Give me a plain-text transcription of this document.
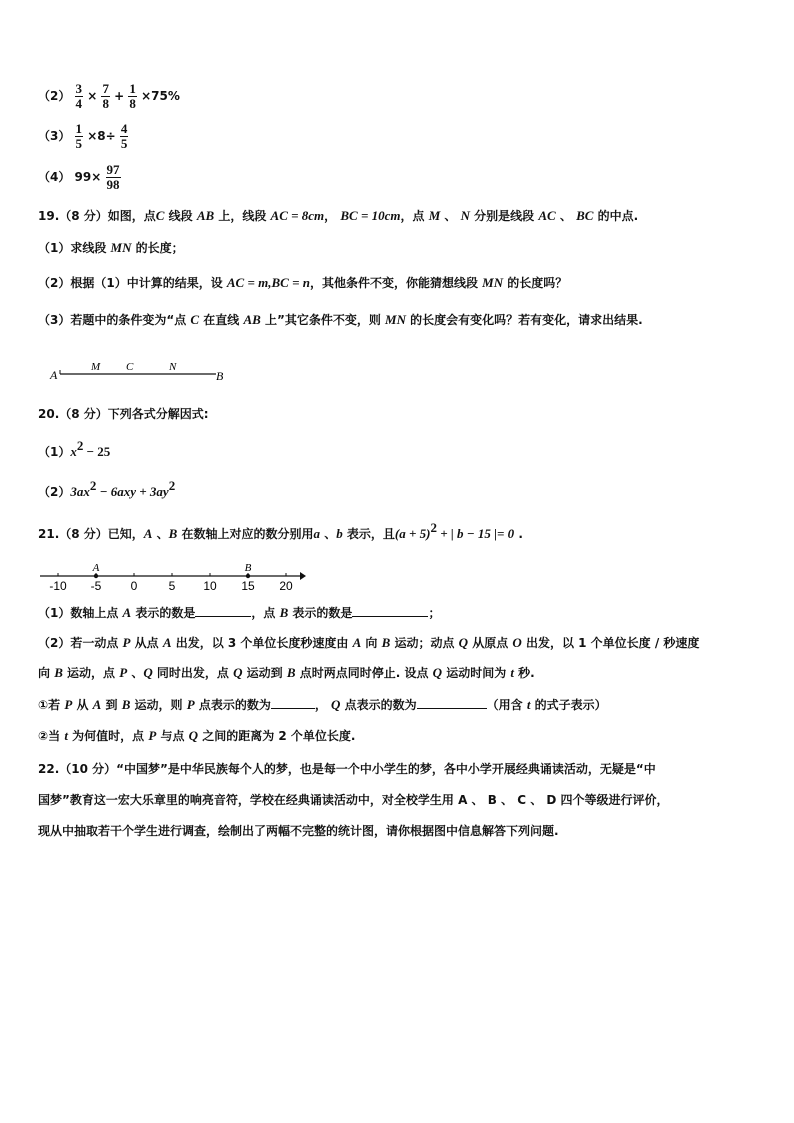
$(2) \frac{3}{4} \times \frac{7}{8} + \frac{1}{8} \times 75\%$
$(3) \frac{1}{5} \times 8\div \frac{4}{5}$
（4） $99\times \frac{97}{98}$
19.（8 分）如图，点C 线段 AB 上，线段 AC = 8cm， BC = 10cm，点 M 、 N 分别是线段 AC 、 BC 的中点.
（1）求线段 MN 的长度；
（2）根据（1）中计算的结果，设 AC = m,BC = n，其他条件不变，你能猜想线段 MN 的长度吗？
（3）若题中的条件变为“点 C 在直线 AB 上”其它条件不变，则 MN 的长度会有变化吗？若有变化，请求出结果.
A
M C	N
B
20.（8 分）下列各式分解因式:
$(1)x^2 - 25$
$(2)3ax^2 - 6axy + 3ay^2$
21.（8 分）已知，A 、B 在数轴上对应的数分别用a 、b 表示，且$(a + 5)^2$ + | b − 15 |= 0 .
-10 -5 0	5 10 15 20
A	B
（1）数轴上点 A 表示的数是	，点 B 表示的数是	；
（2）若一动点 P 从点 A 出发，以 3 个单位长度秒速度由 A 向 B 运动；动点 Q 从原点 O 出发，以 1 个单位长度 / 秒速度
向 B 运动，点 P 、Q 同时出发，点 Q 运动到 B 点时两点同时停止. 设点 Q 运动时间为 t 秒.
①若 P 从 A 到 B 运动，则 P 点表示的数为	， Q 点表示的数为	（用含 t 的式子表示）
②当 t 为何值时，点 P 与点 Q 之间的距离为 2 个单位长度.
22.（10 分）“中国梦”是中华民族每个人的梦，也是每一个中小学生的梦，各中小学开展经典诵读活动，无疑是“中
国梦”教育这一宏大乐章里的响亮音符，学校在经典诵读活动中，对全校学生用 A 、 B 、 C 、 D 四个等级进行评价，
现从中抽取若干个学生进行调查，绘制出了两幅不完整的统计图，请你根据图中信息解答下列问题.
